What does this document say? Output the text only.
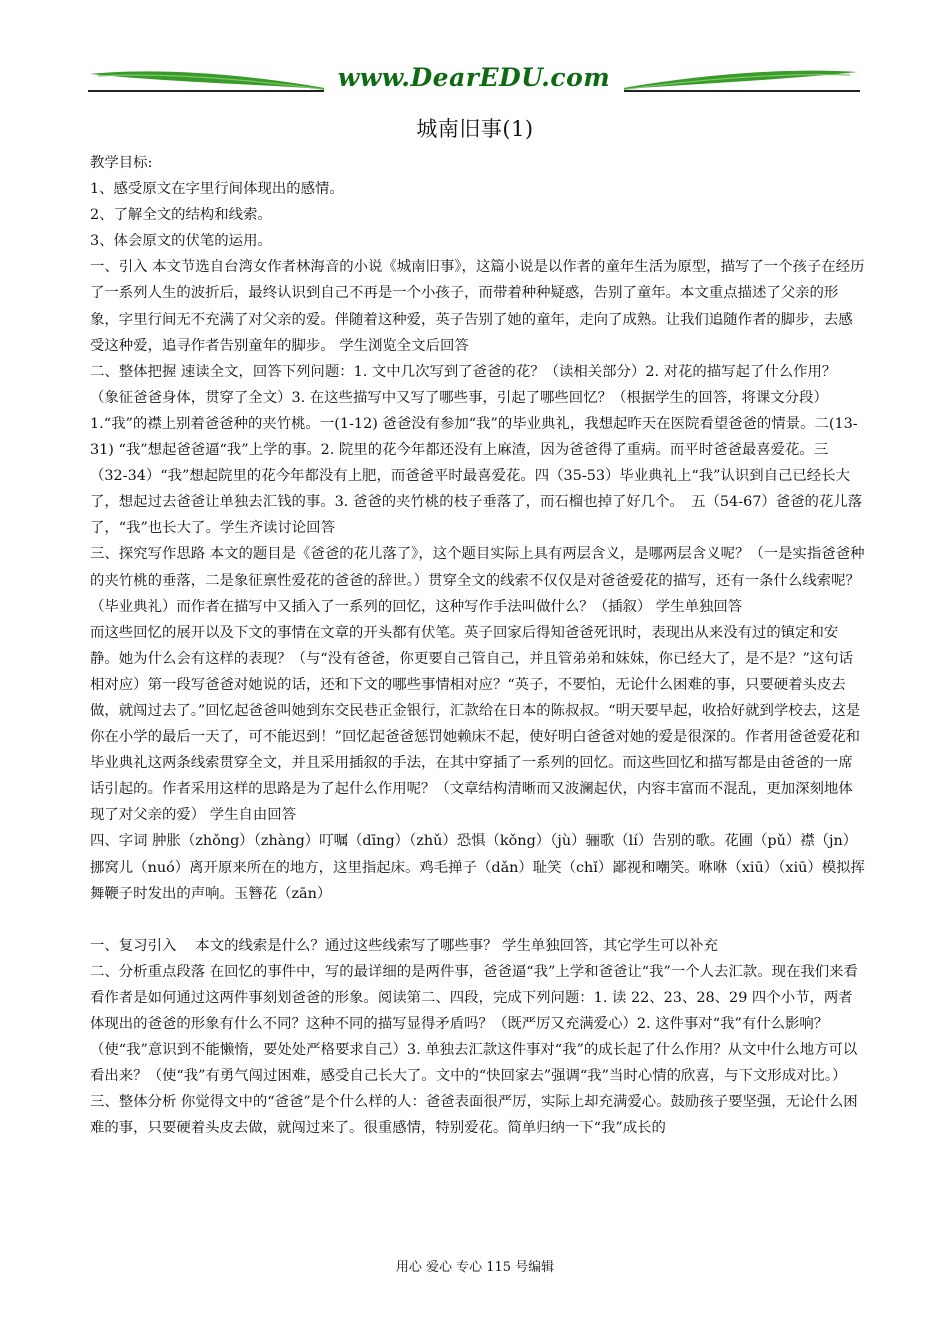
www.DearEDU.com
城南旧事(1)

教学目标:

1、感受原文在字里行间体现出的感情。

2、了解全文的结构和线索。

3、体会原文的伏笔的运用。

一、引入 本文节选自台湾女作者林海音的小说《城南旧事》，这篇小说是以作者的童年生活为原型，描写了一个孩子在经历了一系列人生的波折后，最终认识到自己不再是一个小孩子，而带着种种疑惑，告别了童年。本文重点描述了父亲的形象，字里行间无不充满了对父亲的爱。伴随着这种爱，英子告别了她的童年，走向了成熟。让我们追随作者的脚步，去感受这种爱，追寻作者告别童年的脚步。 学生浏览全文后回答

二、整体把握 速读全文，回答下列问题：1. 文中几次写到了爸爸的花？（读相关部分）2. 对花的描写起了什么作用？（象征爸爸身体，贯穿了全文）3. 在这些描写中又写了哪些事，引起了哪些回忆？（根据学生的回答，将课文分段）1.“我”的襟上别着爸爸种的夹竹桃。一(1-12) 爸爸没有参加“我”的毕业典礼，我想起昨天在医院看望爸爸的情景。二(13-31) “我”想起爸爸逼“我”上学的事。2. 院里的花今年都还没有上麻渣，因为爸爸得了重病。而平时爸爸最喜爱花。三（32-34）“我”想起院里的花今年都没有上肥，而爸爸平时最喜爱花。四（35-53）毕业典礼上“我”认识到自己已经长大了，想起过去爸爸让单独去汇钱的事。3. 爸爸的夹竹桃的枝子垂落了，而石榴也掉了好几个。　五（54-67）爸爸的花儿落了，“我”也长大了。学生齐读讨论回答

三、探究写作思路 本文的题目是《爸爸的花儿落了》，这个题目实际上具有两层含义，是哪两层含义呢？（一是实指爸爸种的夹竹桃的垂落，二是象征禀性爱花的爸爸的辞世。）贯穿全文的线索不仅仅是对爸爸爱花的描写，还有一条什么线索呢？（毕业典礼）而作者在描写中又插入了一系列的回忆，这种写作手法叫做什么？（插叙） 学生单独回答

而这些回忆的展开以及下文的事情在文章的开头都有伏笔。英子回家后得知爸爸死讯时，表现出从来没有过的镇定和安静。她为什么会有这样的表现？（与“没有爸爸，你更要自己管自己，并且管弟弟和妹妹，你已经大了，是不是？”这句话相对应）第一段写爸爸对她说的话，还和下文的哪些事情相对应？“英子，不要怕，无论什么困难的事，只要硬着头皮去做，就闯过去了。”回忆起爸爸叫她到东交民巷正金银行，汇款给在日本的陈叔叔。“明天要早起，收拾好就到学校去，这是你在小学的最后一天了，可不能迟到！”回忆起爸爸惩罚她赖床不起，使好明白爸爸对她的爱是很深的。作者用爸爸爱花和毕业典礼这两条线索贯穿全文，并且采用插叙的手法，在其中穿插了一系列的回忆。而这些回忆和描写都是由爸爸的一席话引起的。作者采用这样的思路是为了起什么作用呢？（文章结构清晰而又波澜起伏，内容丰富而不混乱，更加深刻地体现了对父亲的爱） 学生自由回答

四、字词 肿胀（zhǒng）（zhàng）叮嘱（dīng）（zhǔ）恐惧（kǒng）（jù）骊歌（lí）告别的歌。花圃（pǔ）襟（jn）挪窝儿（nuó）离开原来所在的地方，这里指起床。鸡毛掸子（dǎn）耻笑（chǐ）鄙视和嘲笑。咻咻（xiū）（xiū）模拟挥舞鞭子时发出的声响。玉簪花（zān）

一、复习引入　 本文的线索是什么？通过这些线索写了哪些事？ 学生单独回答，其它学生可以补充

二、分析重点段落 在回忆的事件中，写的最详细的是两件事，爸爸逼“我”上学和爸爸让“我”一个人去汇款。现在我们来看看作者是如何通过这两件事刻划爸爸的形象。阅读第二、四段，完成下列问题：1. 读 22、23、28、29 四个小节，两者体现出的爸爸的形象有什么不同？这种不同的描写显得矛盾吗？（既严厉又充满爱心）2. 这件事对“我”有什么影响？（使“我”意识到不能懒惰，要处处严格要求自己）3. 单独去汇款这件事对“我”的成长起了什么作用？从文中什么地方可以看出来？（使“我”有勇气闯过困难，感受自己长大了。文中的“快回家去”强调“我”当时心情的欣喜，与下文形成对比。）

三、整体分析 你觉得文中的“爸爸”是个什么样的人：爸爸表面很严厉，实际上却充满爱心。鼓励孩子要坚强，无论什么困难的事，只要硬着头皮去做，就闯过来了。很重感情，特别爱花。简单归纳一下“我”成长的

用心 爱心 专心 115 号编辑
